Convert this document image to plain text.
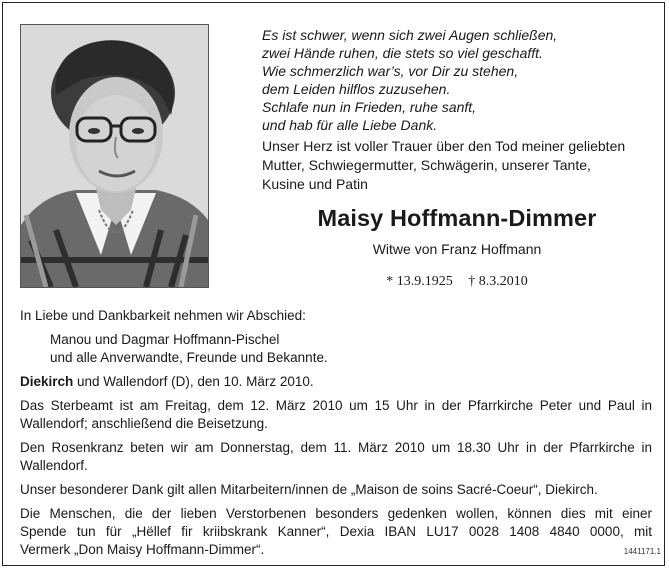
Es ist schwer, wenn sich zwei Augen schließen,
zwei Hände ruhen, die stets so viel geschafft.
Wie schmerzlich war’s, vor Dir zu stehen,
dem Leiden hilflos zuzusehen.
Schlafe nun in Frieden, ruhe sanft,
und hab für alle Liebe Dank.
Unser Herz ist voller Trauer über den Tod meiner geliebten
Mutter, Schwiegermutter, Schwägerin, unserer Tante,
Kusine und Patin
Maisy Hoffmann-Dimmer
Witwe von Franz Hoffmann
* 13.9.1925 † 8.3.2010
In Liebe und Dankbarkeit nehmen wir Abschied:
Manou und Dagmar Hoffmann-Pischel
und alle Anverwandte, Freunde und Bekannte.
Diekirch und Wallendorf (D), den 10. März 2010.
Das Sterbeamt ist am Freitag, dem 12. März 2010 um 15 Uhr in der Pfarrkirche Peter und Paul in
Wallendorf; anschließend die Beisetzung.
Den Rosenkranz beten wir am Donnerstag, dem 11. März 2010 um 18.30 Uhr in der Pfarrkirche in
Wallendorf.
Unser besonderer Dank gilt allen Mitarbeitern/innen de „Maison de soins Sacré-Coeur“, Diekirch.
Die Menschen, die der lieben Verstorbenen besonders gedenken wollen, können dies mit einer
Spende tun für „Hëllef fir kriibskrank Kanner“, Dexia IBAN LU17 0028 1408 4840 0000, mit
Vermerk „Don Maisy Hoffmann-Dimmer“.	1441171.1
